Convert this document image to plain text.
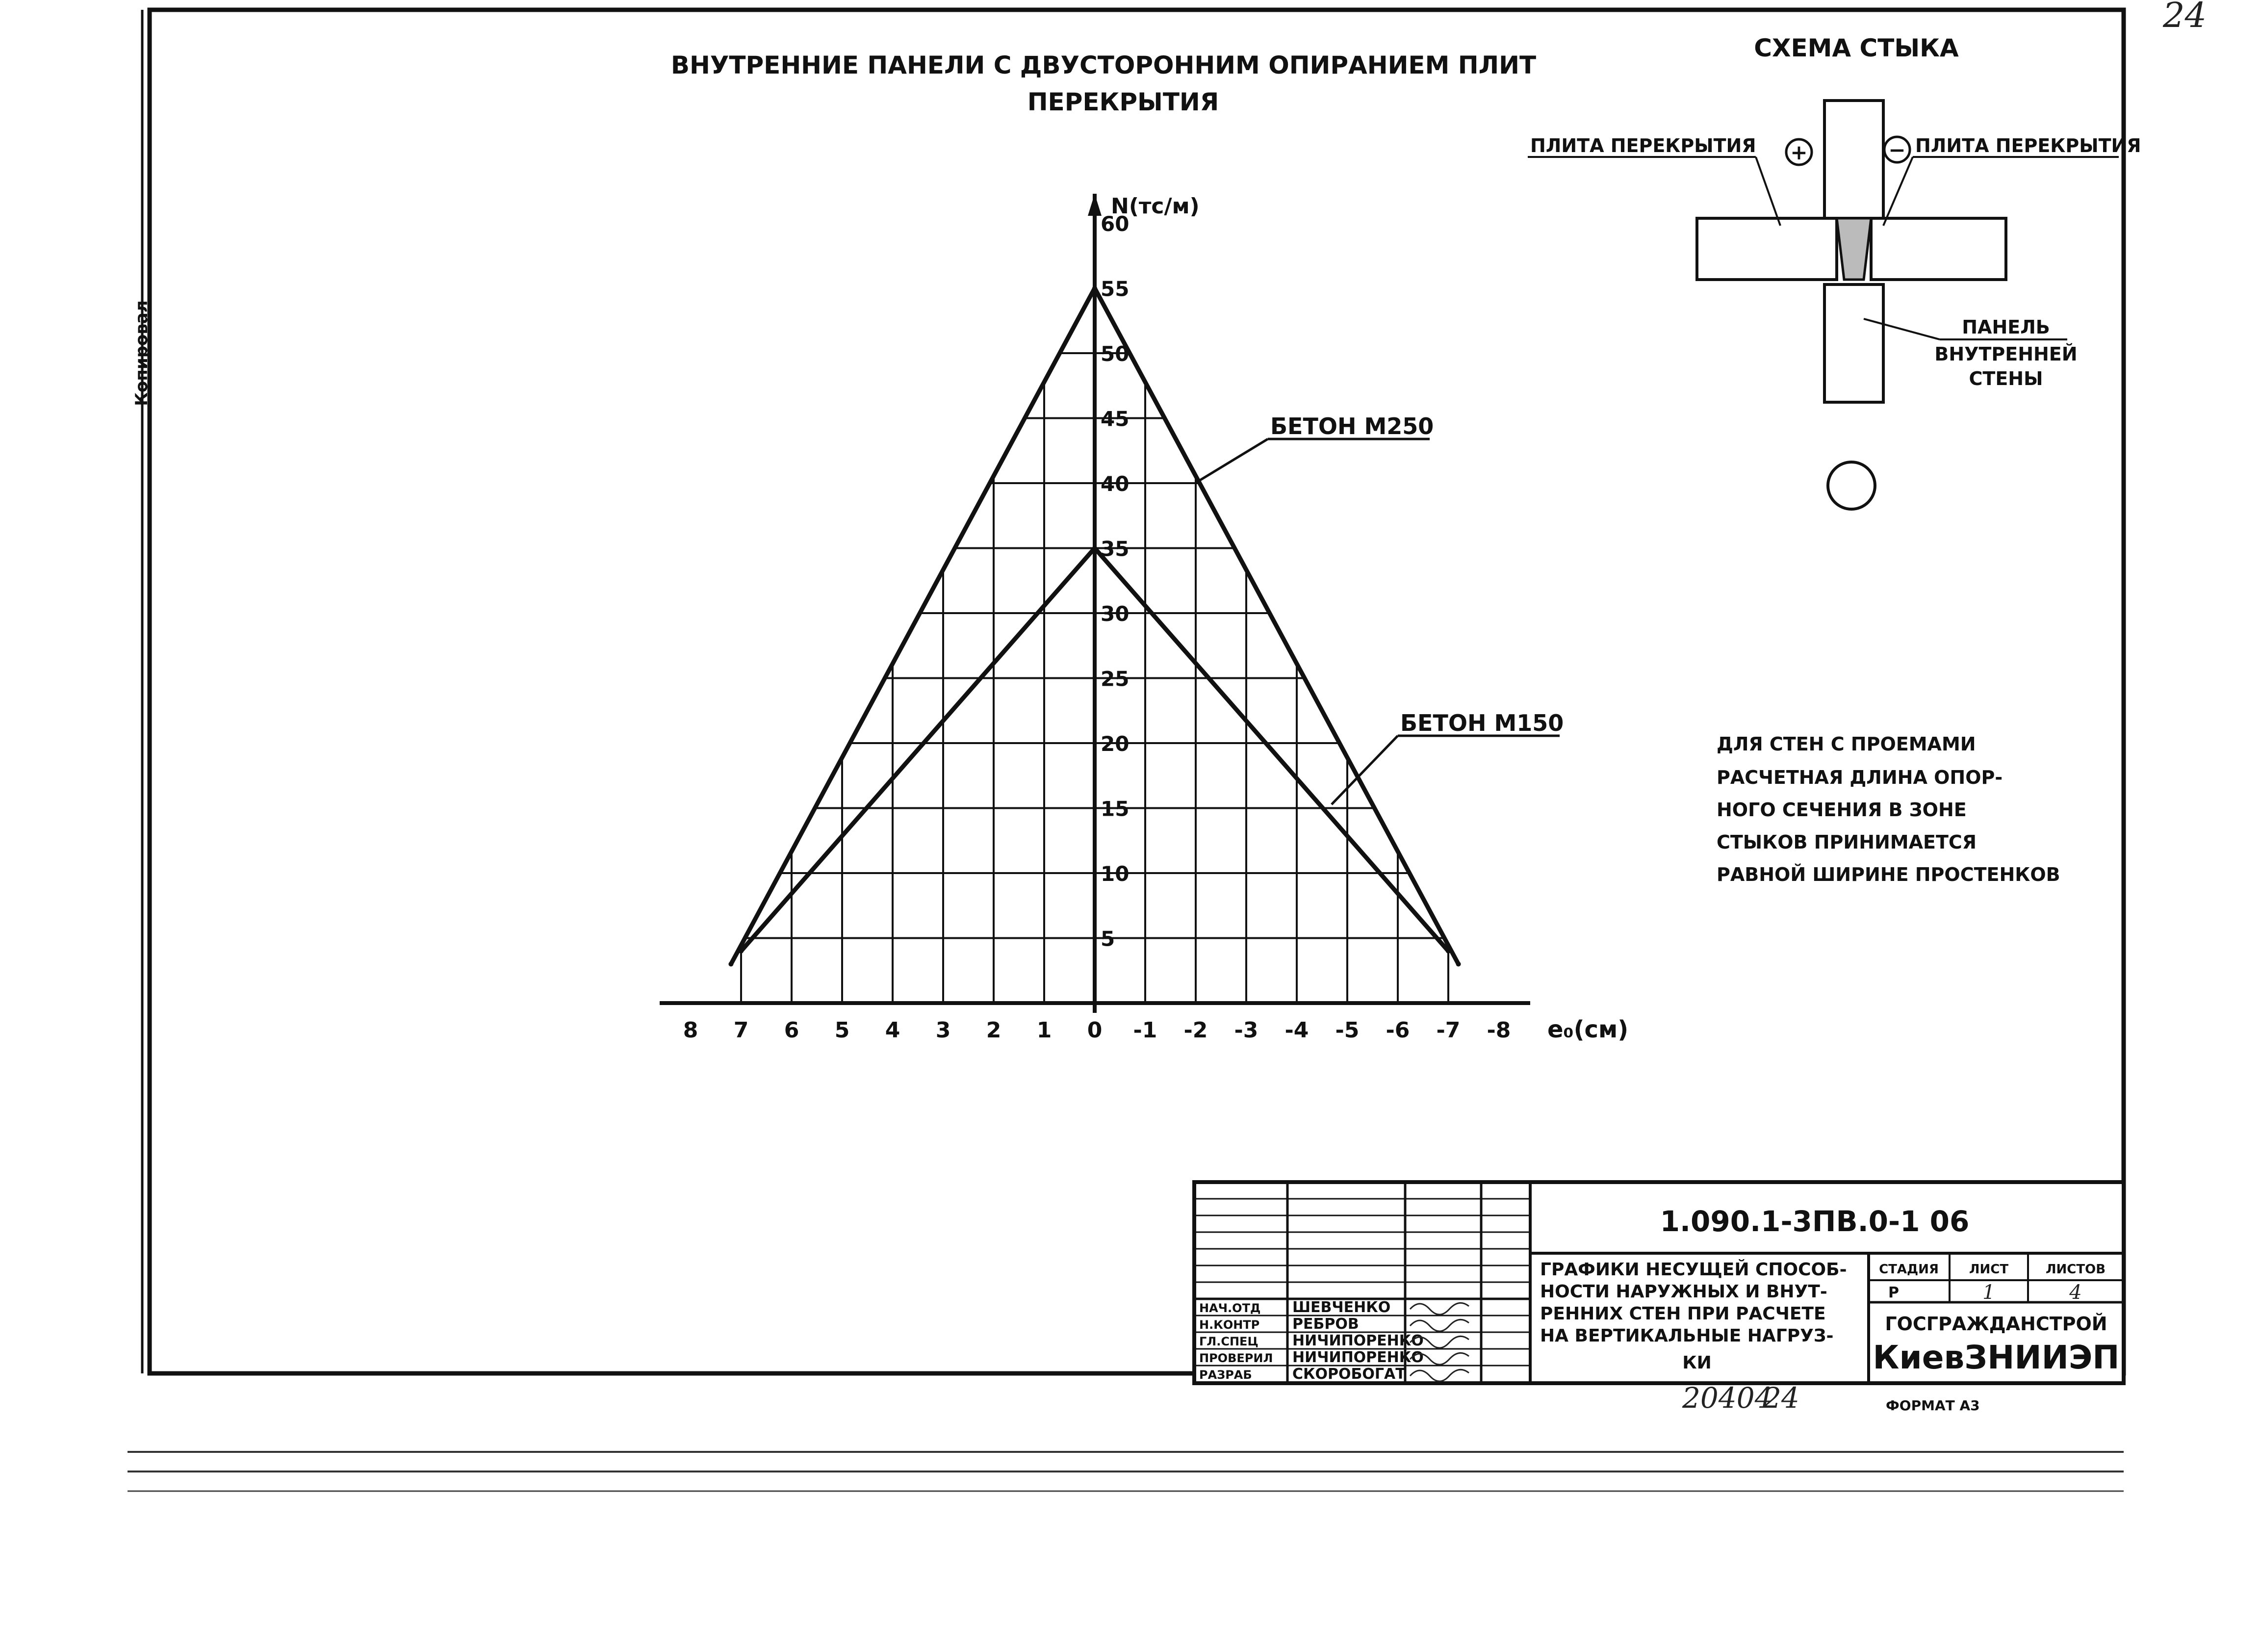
Копировал
24
ВНУТРЕННИЕ ПАНЕЛИ С ДВУСТОРОННИМ ОПИРАНИЕМ ПЛИТ
ПЕРЕКРЫТИЯ
8 7 6 5 4 3 2 1 0 -1 -2 -3 -4 -5 -6 -7 -8
5
10
15
20
25
30
35
40
45
50
55
60
N(тс/м)
e₀(см)
БЕТОН М250
БЕТОН М150
СХЕМА СТЫКА
ПЛИТА ПЕРЕКРЫТИЯ +	− ПЛИТА ПЕРЕКРЫТИЯ
ПАНЕЛЬ
ВНУТРЕННЕЙ
СТЕНЫ
ДЛЯ СТЕН С ПРОЕМАМИ
РАСЧЕТНАЯ ДЛИНА ОПОР-
НОГО СЕЧЕНИЯ В ЗОНЕ
СТЫКОВ ПРИНИМАЕТСЯ
РАВНОЙ ШИРИНЕ ПРОСТЕНКОВ
НАЧ.ОТД ШЕВЧЕНКО
Н.КОНТР РЕБРОВ
ГЛ.СПЕЦ НИЧИПОРЕНКО
ПРОВЕРИЛ НИЧИПОРЕНКО
РАЗРАБ	СКОРОБОГАТ
1.090.1-3ПВ.0-1 06
ГРАФИКИ НЕСУЩЕЙ СПОСОБ-
НОСТИ НАРУЖНЫХ И ВНУТ-
РЕННИХ СТЕН ПРИ РАСЧЕТЕ
НА ВЕРТИКАЛЬНЫЕ НАГРУЗ-
КИ
СТАДИЯ ЛИСТ	ЛИСТОВ
Р	1	4
ГОСГРАЖДАНСТРОЙ
КиевЗНИИЭП
20404
24	ФОРМАТ А3
